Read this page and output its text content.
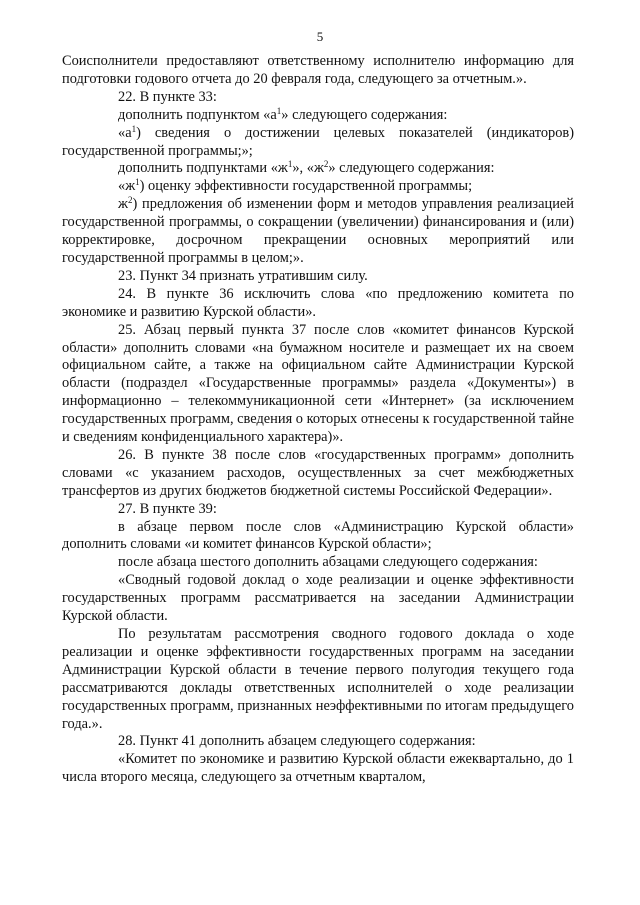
5

Соисполнители предоставляют ответственному исполнителю информацию для подготовки годового отчета до 20 февраля года, следующего за отчетным.».

22. В пункте 33:

дополнить подпунктом «$а^1$» следующего содержания:

«$а^1$) сведения о достижении целевых показателей (индикаторов) государственной программы;»;

дополнить подпунктами «$ж^1$», «$ж^2$» следующего содержания:

«$ж^1$) оценку эффективности государственной программы;

$ж^2$) предложения об изменении форм и методов управления реализацией государственной программы, о сокращении (увеличении) финансирования и (или) корректировке, досрочном прекращении основных мероприятий или государственной программы в целом;».

23. Пункт 34 признать утратившим силу.

24. В пункте 36 исключить слова «по предложению комитета по экономике и развитию Курской области».

25. Абзац первый пункта 37 после слов «комитет финансов Курской области» дополнить словами «на бумажном носителе и размещает их на своем официальном сайте, а также на официальном сайте Администрации Курской области (подраздел «Государственные программы» раздела «Документы») в информационно – телекоммуникационной сети «Интернет» (за исключением государственных программ, сведения о которых отнесены к государственной тайне и сведениям конфиденциального характера)».

26. В пункте 38 после слов «государственных программ» дополнить словами «с указанием расходов, осуществленных за счет межбюджетных трансфертов из других бюджетов бюджетной системы Российской Федерации».

27. В пункте 39:

в абзаце первом после слов «Администрацию Курской области» дополнить словами «и комитет финансов Курской области»;

после абзаца шестого дополнить абзацами следующего содержания:

«Сводный годовой доклад о ходе реализации и оценке эффективности государственных программ рассматривается на заседании Администрации Курской области.

По результатам рассмотрения сводного годового доклада о ходе реализации и оценке эффективности государственных программ на заседании Администрации Курской области в течение первого полугодия текущего года рассматриваются доклады ответственных исполнителей о ходе реализации государственных программ, признанных неэффективными по итогам предыдущего года.».

28. Пункт 41 дополнить абзацем следующего содержания:

«Комитет по экономике и развитию Курской области ежеквартально, до 1 числа второго месяца, следующего за отчетным кварталом,
